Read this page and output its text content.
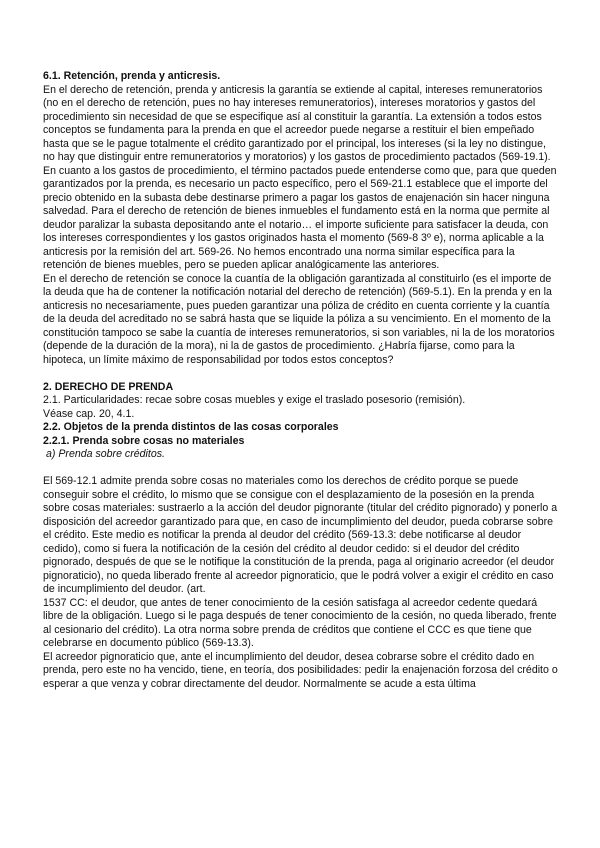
6.1. Retención, prenda y anticresis.

En el derecho de retención, prenda y anticresis la garantía se extiende al capital, intereses remuneratorios (no en el derecho de retención, pues no hay intereses remuneratorios), intereses moratorios y gastos del procedimiento sin necesidad de que se especifique así al constituir la garantía. La extensión a todos estos conceptos se fundamenta para la prenda en que el acreedor puede negarse a restituir el bien empeñado hasta que se le pague totalmente el crédito garantizado por el principal, los intereses (si la ley no distingue, no hay que distinguir entre remuneratorios y moratorios) y los gastos de procedimiento pactados (569-19.1). En cuanto a los gastos de procedimiento, el término pactados puede entenderse como que, para que queden garantizados por la prenda, es necesario un pacto específico, pero el 569-21.1 establece que el importe del precio obtenido en la subasta debe destinarse primero a pagar los gastos de enajenación sin hacer ninguna salvedad. Para el derecho de retención de bienes inmuebles el fundamento está en la norma que permite al deudor paralizar la subasta depositando ante el notario… el importe suficiente para satisfacer la deuda, con los intereses correspondientes y los gastos originados hasta el momento (569-8 3º e), norma aplicable a la anticresis por la remisión del art. 569-26. No hemos encontrado una norma similar específica para la retención de bienes muebles, pero se pueden aplicar analógicamente las anteriores.

En el derecho de retención se conoce la cuantía de la obligación garantizada al constituirlo (es el importe de la deuda que ha de contener la notificación notarial del derecho de retención) (569-5.1). En la prenda y en la anticresis no necesariamente, pues pueden garantizar una póliza de crédito en cuenta corriente y la cuantía de la deuda del acreditado no se sabrá hasta que se liquide la póliza a su vencimiento. En el momento de la constitución tampoco se sabe la cuantía de intereses remuneratorios, si son variables, ni la de los moratorios (depende de la duración de la mora), ni la de gastos de procedimiento. ¿Habría fijarse, como para la hipoteca, un límite máximo de responsabilidad por todos estos conceptos?

2. DERECHO DE PRENDA

2.1. Particularidades: recae sobre cosas muebles y exige el traslado posesorio (remisión).

Véase cap. 20, 4.1.

2.2. Objetos de la prenda distintos de las cosas corporales

2.2.1. Prenda sobre cosas no materiales

a) Prenda sobre créditos.

El 569-12.1 admite prenda sobre cosas no materiales como los derechos de crédito porque se puede conseguir sobre el crédito, lo mismo que se consigue con el desplazamiento de la posesión en la prenda sobre cosas materiales: sustraerlo a la acción del deudor pignorante (titular del crédito pignorado) y ponerlo a disposición del acreedor garantizado para que, en caso de incumplimiento del deudor, pueda cobrarse sobre el crédito. Este medio es notificar la prenda al deudor del crédito (569-13.3: debe notificarse al deudor cedido), como si fuera la notificación de la cesión del crédito al deudor cedido: si el deudor del crédito pignorado, después de que se le notifique la constitución de la prenda, paga al originario acreedor (el deudor pignoraticio), no queda liberado frente al acreedor pignoraticio, que le podrá volver a exigir el crédito en caso de incumplimiento del deudor. (art.

1537 CC: el deudor, que antes de tener conocimiento de la cesión satisfaga al acreedor cedente quedará libre de la obligación. Luego si le paga después de tener conocimiento de la cesión, no queda liberado, frente al cesionario del crédito). La otra norma sobre prenda de créditos que contiene el CCC es que tiene que celebrarse en documento público (569-13.3).

El acreedor pignoraticio que, ante el incumplimiento del deudor, desea cobrarse sobre el crédito dado en prenda, pero este no ha vencido, tiene, en teoría, dos posibilidades: pedir la enajenación forzosa del crédito o esperar a que venza y cobrar directamente del deudor. Normalmente se acude a esta última
